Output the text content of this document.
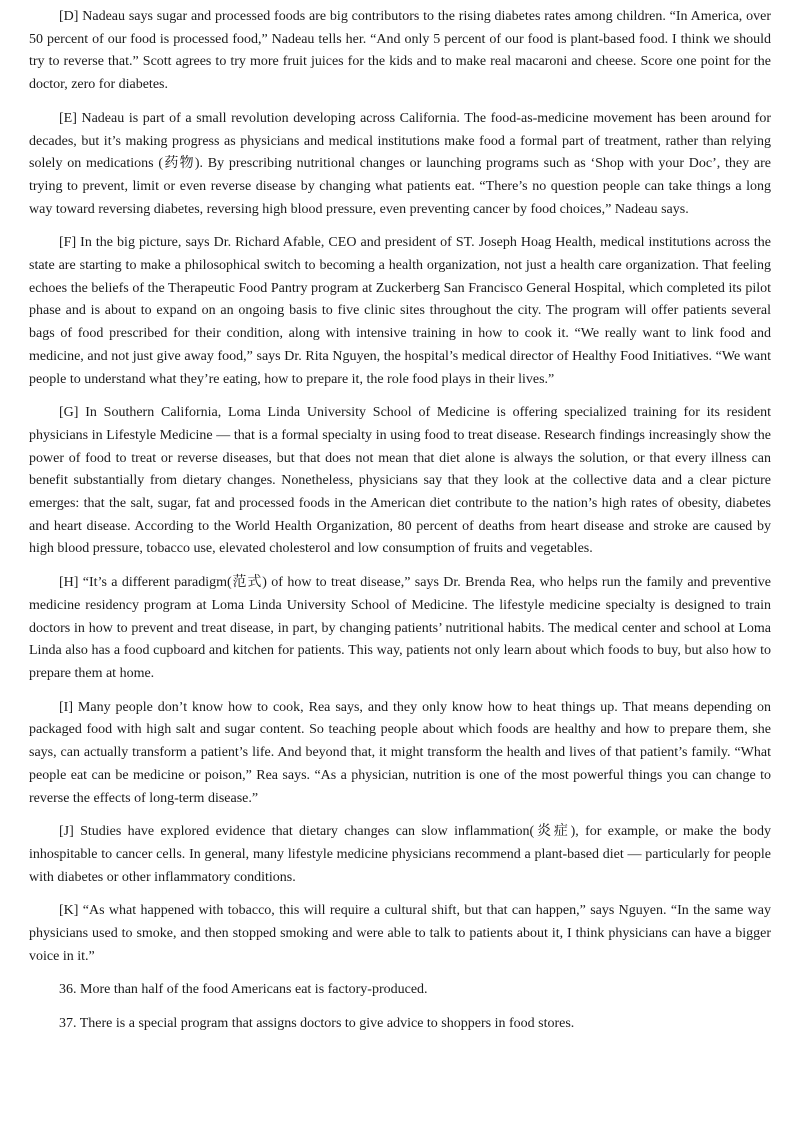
[D] Nadeau says sugar and processed foods are big contributors to the rising diabetes rates among children. “In America, over 50 percent of our food is processed food,” Nadeau tells her. “And only 5 percent of our food is plant-based food. I think we should try to reverse that.” Scott agrees to try more fruit juices for the kids and to make real macaroni and cheese. Score one point for the doctor, zero for diabetes.

[E] Nadeau is part of a small revolution developing across California. The food-as-medicine movement has been around for decades, but it’s making progress as physicians and medical institutions make food a formal part of treatment, rather than relying solely on medications (药物). By prescribing nutritional changes or launching programs such as ‘Shop with your Doc’, they are trying to prevent, limit or even reverse disease by changing what patients eat. “There’s no question people can take things a long way toward reversing diabetes, reversing high blood pressure, even preventing cancer by food choices,” Nadeau says.

[F] In the big picture, says Dr. Richard Afable, CEO and president of ST. Joseph Hoag Health, medical institutions across the state are starting to make a philosophical switch to becoming a health organization, not just a health care organization. That feeling echoes the beliefs of the Therapeutic Food Pantry program at Zuckerberg San Francisco General Hospital, which completed its pilot phase and is about to expand on an ongoing basis to five clinic sites throughout the city. The program will offer patients several bags of food prescribed for their condition, along with intensive training in how to cook it. “We really want to link food and medicine, and not just give away food,” says Dr. Rita Nguyen, the hospital’s medical director of Healthy Food Initiatives. “We want people to understand what they’re eating, how to prepare it, the role food plays in their lives.”

[G] In Southern California, Loma Linda University School of Medicine is offering specialized training for its resident physicians in Lifestyle Medicine — that is a formal specialty in using food to treat disease. Research findings increasingly show the power of food to treat or reverse diseases, but that does not mean that diet alone is always the solution, or that every illness can benefit substantially from dietary changes. Nonetheless, physicians say that they look at the collective data and a clear picture emerges: that the salt, sugar, fat and processed foods in the American diet contribute to the nation’s high rates of obesity, diabetes and heart disease. According to the World Health Organization, 80 percent of deaths from heart disease and stroke are caused by high blood pressure, tobacco use, elevated cholesterol and low consumption of fruits and vegetables.

[H] “It’s a different paradigm(范式) of how to treat disease,” says Dr. Brenda Rea, who helps run the family and preventive medicine residency program at Loma Linda University School of Medicine. The lifestyle medicine specialty is designed to train doctors in how to prevent and treat disease, in part, by changing patients’ nutritional habits. The medical center and school at Loma Linda also has a food cupboard and kitchen for patients. This way, patients not only learn about which foods to buy, but also how to prepare them at home.

[I] Many people don’t know how to cook, Rea says, and they only know how to heat things up. That means depending on packaged food with high salt and sugar content. So teaching people about which foods are healthy and how to prepare them, she says, can actually transform a patient’s life. And beyond that, it might transform the health and lives of that patient’s family. “What people eat can be medicine or poison,” Rea says. “As a physician, nutrition is one of the most powerful things you can change to reverse the effects of long-term disease.”

[J] Studies have explored evidence that dietary changes can slow inflammation(炎症), for example, or make the body inhospitable to cancer cells. In general, many lifestyle medicine physicians recommend a plant-based diet — particularly for people with diabetes or other inflammatory conditions.

[K] “As what happened with tobacco, this will require a cultural shift, but that can happen,” says Nguyen. “In the same way physicians used to smoke, and then stopped smoking and were able to talk to patients about it, I think physicians can have a bigger voice in it.”

36. More than half of the food Americans eat is factory-produced.

37. There is a special program that assigns doctors to give advice to shoppers in food stores.
